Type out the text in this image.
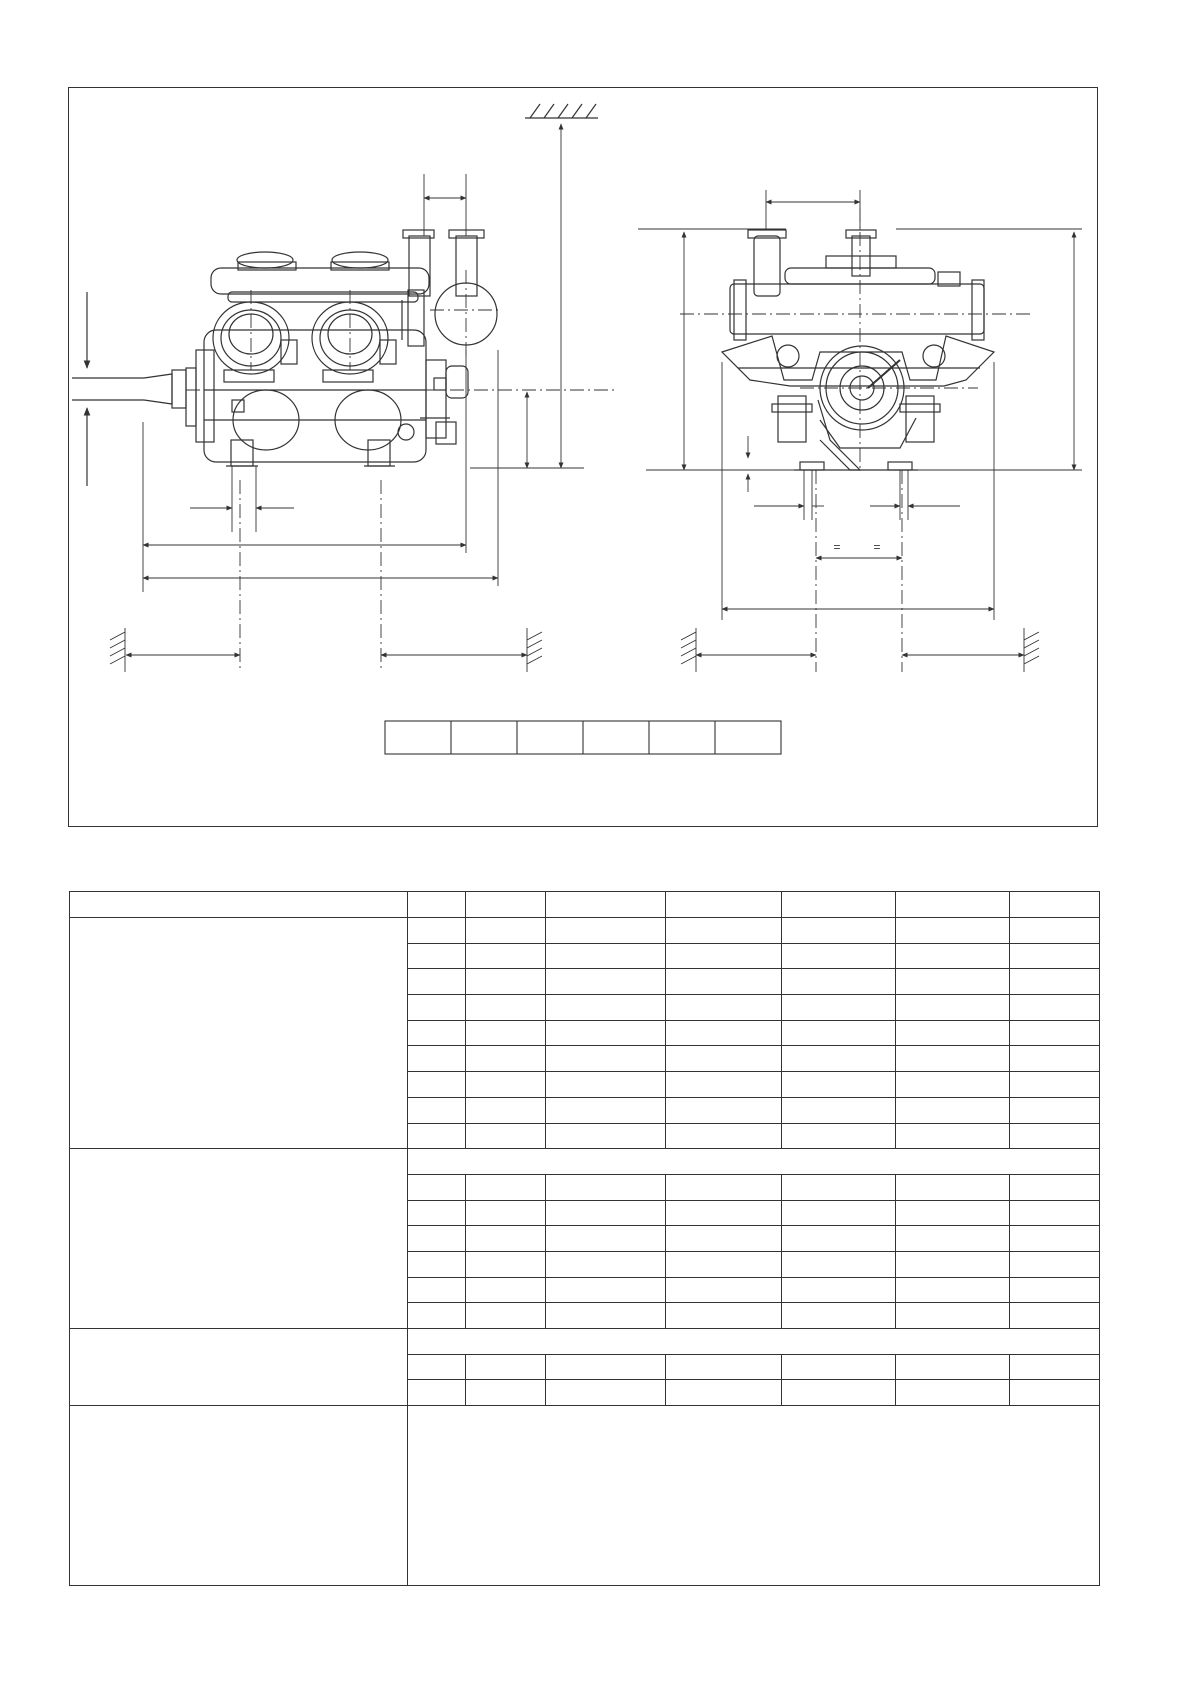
=	=
